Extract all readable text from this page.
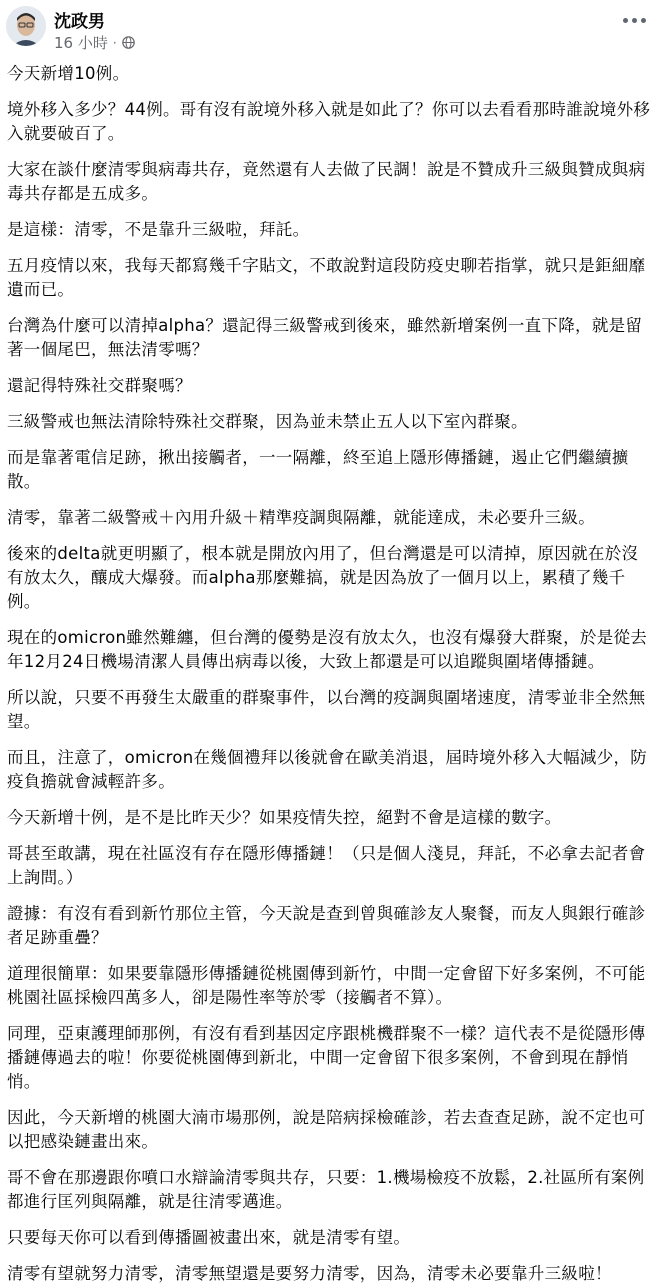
沈政男
16 小時 ·

今天新增10例。

境外移入多少？44例。哥有沒有說境外移入就是如此了？你可以去看看那時誰說境外移入就要破百了。

大家在談什麼清零與病毒共存，竟然還有人去做了民調！說是不贊成升三級與贊成與病毒共存都是五成多。

是這樣：清零，不是靠升三級啦，拜託。

五月疫情以來，我每天都寫幾千字貼文，不敢說對這段防疫史聊若指掌，就只是鉅細靡遺而已。

台灣為什麼可以清掉alpha？還記得三級警戒到後來，雖然新增案例一直下降，就是留著一個尾巴，無法清零嗎？

還記得特殊社交群聚嗎？

三級警戒也無法清除特殊社交群聚，因為並未禁止五人以下室內群聚。

而是靠著電信足跡，揪出接觸者，一一隔離，終至追上隱形傳播鏈，遏止它們繼續擴散。

清零，靠著二級警戒＋內用升級＋精準疫調與隔離，就能達成，未必要升三級。

後來的delta就更明顯了，根本就是開放內用了，但台灣還是可以清掉，原因就在於沒有放太久，釀成大爆發。而alpha那麼難搞，就是因為放了一個月以上，累積了幾千例。

現在的omicron雖然難纏，但台灣的優勢是沒有放太久，也沒有爆發大群聚，於是從去年12月24日機場清潔人員傳出病毒以後，大致上都還是可以追蹤與圍堵傳播鏈。

所以說，只要不再發生太嚴重的群聚事件，以台灣的疫調與圍堵速度，清零並非全然無望。

而且，注意了，omicron在幾個禮拜以後就會在歐美消退，屆時境外移入大幅減少，防疫負擔就會減輕許多。

今天新增十例，是不是比昨天少？如果疫情失控，絕對不會是這樣的數字。

哥甚至敢講，現在社區沒有存在隱形傳播鏈！（只是個人淺見，拜託，不必拿去記者會上詢問。）

證據：有沒有看到新竹那位主管，今天說是查到曾與確診友人聚餐，而友人與銀行確診者足跡重疊？

道理很簡單：如果要靠隱形傳播鏈從桃園傳到新竹，中間一定會留下好多案例，不可能桃園社區採檢四萬多人，卻是陽性率等於零（接觸者不算）。

同理，亞東護理師那例，有沒有看到基因定序跟桃機群聚不一樣？這代表不是從隱形傳播鏈傳過去的啦！你要從桃園傳到新北，中間一定會留下很多案例，不會到現在靜悄悄。

因此，今天新增的桃園大湳市場那例，說是陪病採檢確診，若去查查足跡，說不定也可以把感染鏈畫出來。

哥不會在那邊跟你噴口水辯論清零與共存，只要：1.機場檢疫不放鬆，2.社區所有案例都進行匡列與隔離，就是往清零邁進。

只要每天你可以看到傳播圖被畫出來，就是清零有望。

清零有望就努力清零，清零無望還是要努力清零，因為，清零未必要靠升三級啦！
